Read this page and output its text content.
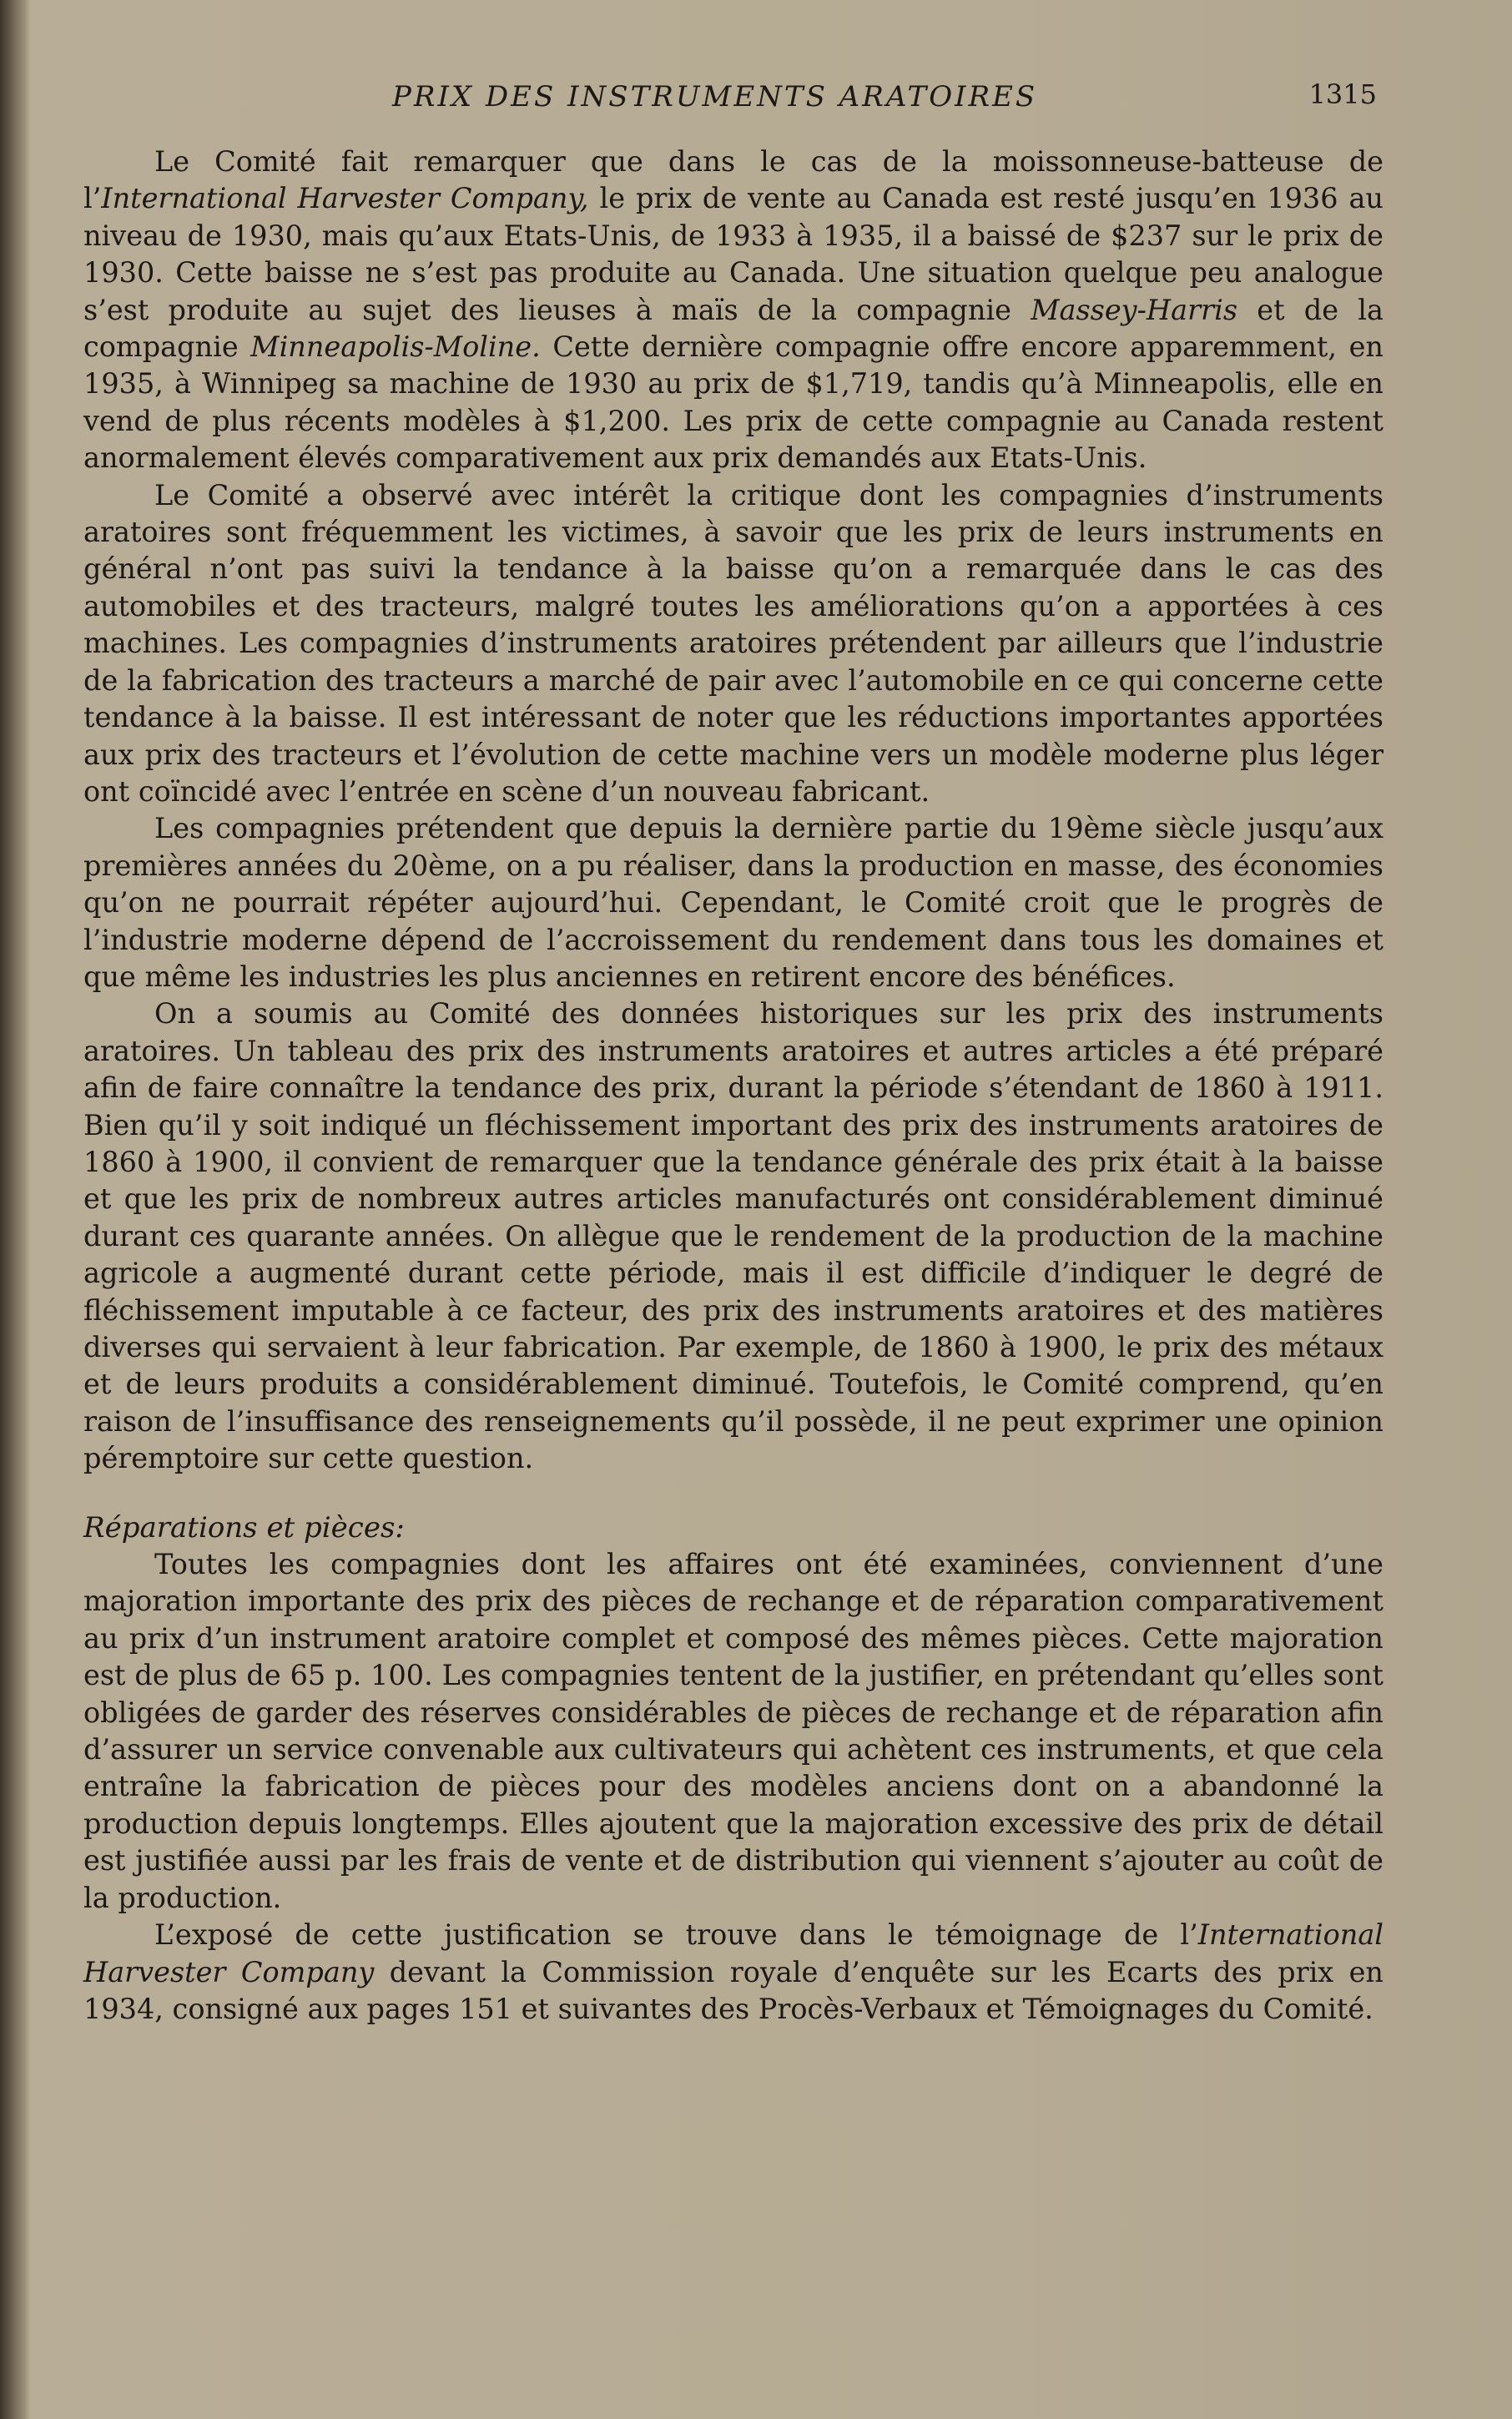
PRIX DES INSTRUMENTS ARATOIRES	1315

Le Comité fait remarquer que dans le cas de la moissonneuse-batteuse de l’International Harvester Company, le prix de vente au Canada est resté jusqu’en 1936 au niveau de 1930, mais qu’aux Etats-Unis, de 1933 à 1935, il a baissé de $237 sur le prix de 1930. Cette baisse ne s’est pas produite au Canada. Une situation quelque peu analogue s’est produite au sujet des lieuses à maïs de la compagnie Massey-Harris et de la compagnie Minneapolis-Moline. Cette dernière compagnie offre encore apparemment, en 1935, à Winnipeg sa machine de 1930 au prix de $1,719, tandis qu’à Minneapolis, elle en vend de plus récents modèles à $1,200. Les prix de cette compagnie au Canada restent anormalement élevés comparativement aux prix demandés aux Etats-Unis.

Le Comité a observé avec intérêt la critique dont les compagnies d’instruments aratoires sont fréquemment les victimes, à savoir que les prix de leurs instruments en général n’ont pas suivi la tendance à la baisse qu’on a remarquée dans le cas des automobiles et des tracteurs, malgré toutes les améliorations qu’on a apportées à ces machines. Les compagnies d’instruments aratoires prétendent par ailleurs que l’industrie de la fabrication des tracteurs a marché de pair avec l’automobile en ce qui concerne cette tendance à la baisse. Il est intéressant de noter que les réductions importantes apportées aux prix des tracteurs et l’évolution de cette machine vers un modèle moderne plus léger ont coïncidé avec l’entrée en scène d’un nouveau fabricant.

Les compagnies prétendent que depuis la dernière partie du 19ème siècle jusqu’aux premières années du 20ème, on a pu réaliser, dans la production en masse, des économies qu’on ne pourrait répéter aujourd’hui. Cependant, le Comité croit que le progrès de l’industrie moderne dépend de l’accroissement du rendement dans tous les domaines et que même les industries les plus anciennes en retirent encore des bénéfices.

On a soumis au Comité des données historiques sur les prix des instruments aratoires. Un tableau des prix des instruments aratoires et autres articles a été préparé afin de faire connaître la tendance des prix, durant la période s’étendant de 1860 à 1911. Bien qu’il y soit indiqué un fléchissement important des prix des instruments aratoires de 1860 à 1900, il convient de remarquer que la tendance générale des prix était à la baisse et que les prix de nombreux autres articles manufacturés ont considérablement diminué durant ces quarante années. On allègue que le rendement de la production de la machine agricole a augmenté durant cette période, mais il est difficile d’indiquer le degré de fléchissement imputable à ce facteur, des prix des instruments aratoires et des matières diverses qui servaient à leur fabrication. Par exemple, de 1860 à 1900, le prix des métaux et de leurs produits a considérablement diminué. Toutefois, le Comité comprend, qu’en raison de l’insuffisance des renseignements qu’il possède, il ne peut exprimer une opinion péremptoire sur cette question.

Réparations et pièces:

Toutes les compagnies dont les affaires ont été examinées, conviennent d’une majoration importante des prix des pièces de rechange et de réparation comparativement au prix d’un instrument aratoire complet et composé des mêmes pièces. Cette majoration est de plus de 65 p. 100. Les compagnies tentent de la justifier, en prétendant qu’elles sont obligées de garder des réserves considérables de pièces de rechange et de réparation afin d’assurer un service convenable aux cultivateurs qui achètent ces instruments, et que cela entraîne la fabrication de pièces pour des modèles anciens dont on a abandonné la production depuis longtemps. Elles ajoutent que la majoration excessive des prix de détail est justifiée aussi par les frais de vente et de distribution qui viennent s’ajouter au coût de la production.

L’exposé de cette justification se trouve dans le témoignage de l’International Harvester Company devant la Commission royale d’enquête sur les Ecarts des prix en 1934, consigné aux pages 151 et suivantes des Procès-Verbaux et Témoignages du Comité.
